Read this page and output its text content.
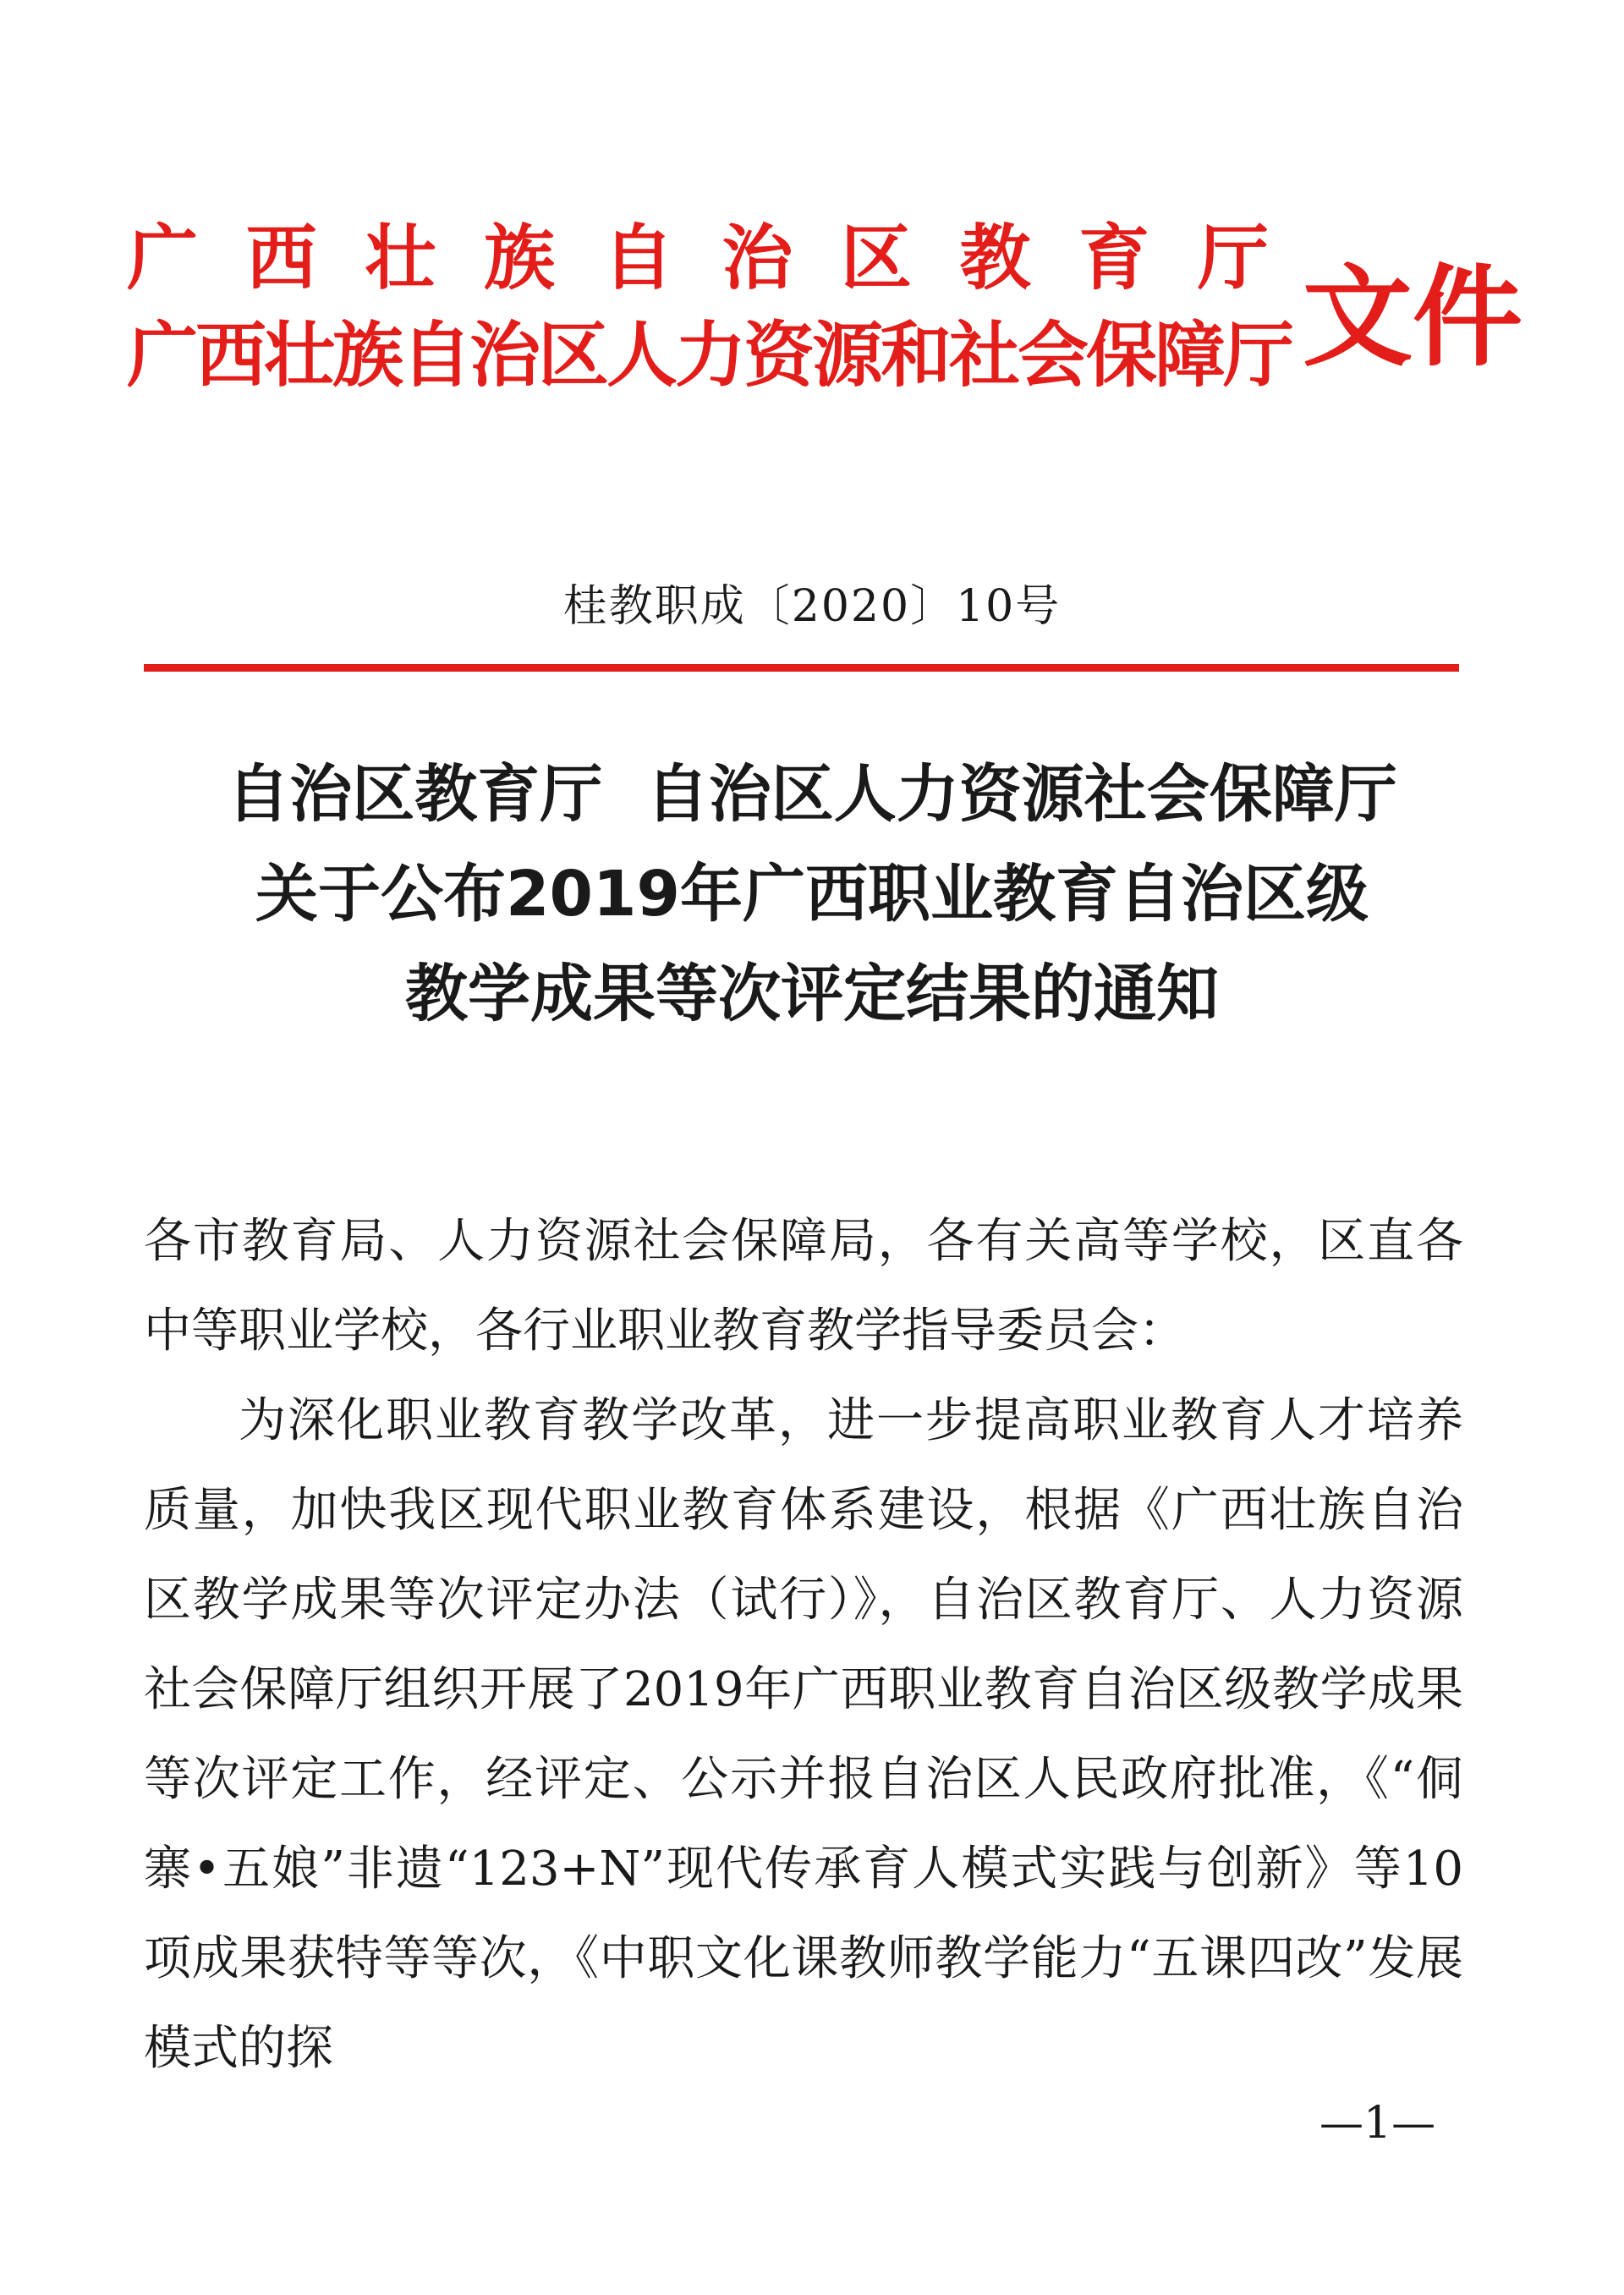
广 西 壮 族 自 治 区 教 育 厅
广西壮族自治区人力资源和社会保障厅 文件
桂教职成〔2020〕10号
自治区教育厅  自治区人力资源社会保障厅
关于公布2019年广西职业教育自治区级
教学成果等次评定结果的通知

各市教育局、人力资源社会保障局，各有关高等学校，区直各中等职业学校，各行业职业教育教学指导委员会：

为深化职业教育教学改革，进一步提高职业教育人才培养质量，加快我区现代职业教育体系建设，根据《广西壮族自治区教学成果等次评定办法（试行）》，自治区教育厅、人力资源社会保障厅组织开展了2019年广西职业教育自治区级教学成果等次评定工作，经评定、公示并报自治区人民政府批准，《“侗寨•五娘”非遗“123+N”现代传承育人模式实践与创新》等10项成果获特等等次，《中职文化课教师教学能力“五课四改”发展模式的探

—1—
